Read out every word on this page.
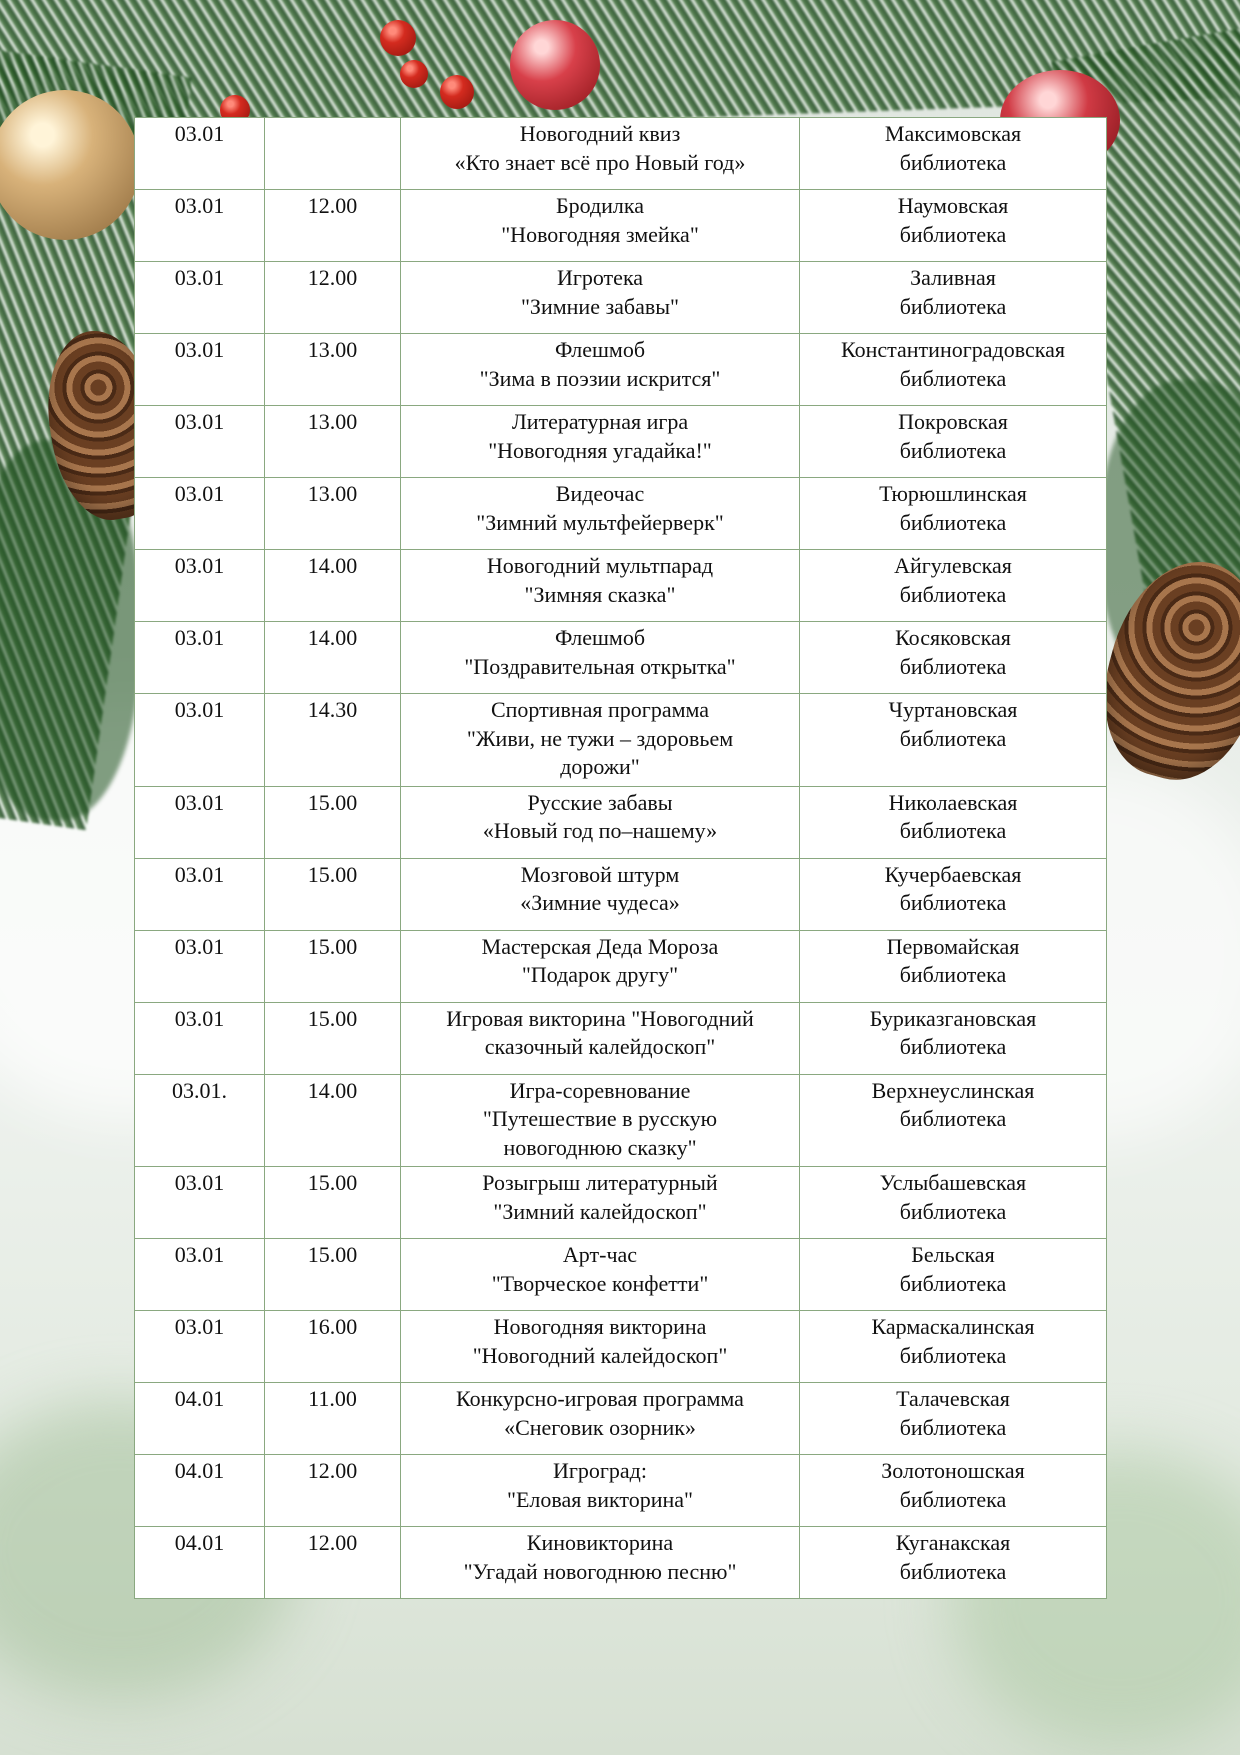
03.01		Новогодний квиз
«Кто знает всё про Новый год»	Максимовская
библиотека

03.01	12.00	Бродилка
"Новогодняя змейка"	Наумовская
библиотека

03.01	12.00	Игротека
"Зимние забавы"	Заливная
библиотека

03.01	13.00	Флешмоб
"Зима в поэзии искрится"	Константиноградовская
библиотека

03.01	13.00	Литературная игра
"Новогодняя угадайка!"	Покровская
библиотека

03.01	13.00	Видеочас
"Зимний мультфейерверк"	Тюрюшлинская
библиотека

03.01	14.00	Новогодний мультпарад
"Зимняя сказка"	Айгулевская
библиотека

03.01	14.00	Флешмоб
"Поздравительная открытка"	Косяковская
библиотека

03.01	14.30	Спортивная программа
"Живи, не тужи – здоровьем
дорожи"	Чуртановская
библиотека

03.01	15.00	Русские забавы
«Новый год по–нашему»	Николаевская
библиотека

03.01	15.00	Мозговой штурм
«Зимние чудеса»	Кучербаевская
библиотека

03.01	15.00	Мастерская Деда Мороза
"Подарок другу"	Первомайская
библиотека

03.01	15.00	Игровая викторина "Новогодний
сказочный калейдоскоп"	Буриказгановская
библиотека

03.01.	14.00	Игра-соревнование
"Путешествие в русскую
новогоднюю сказку"	Верхнеуслинская
библиотека

03.01	15.00	Розыгрыш литературный
"Зимний калейдоскоп"	Услыбашевская
библиотека

03.01	15.00	Арт-час
"Творческое конфетти"	Бельская
библиотека

03.01	16.00	Новогодняя викторина
"Новогодний калейдоскоп"	Кармаскалинская
библиотека

04.01	11.00	Конкурсно-игровая программа
«Снеговик озорник»	Талачевская
библиотека

04.01	12.00	Игроград:
"Еловая викторина"	Золотоношская
библиотека

04.01	12.00	Киновикторина
"Угадай новогоднюю песню"	Куганакская
библиотека
